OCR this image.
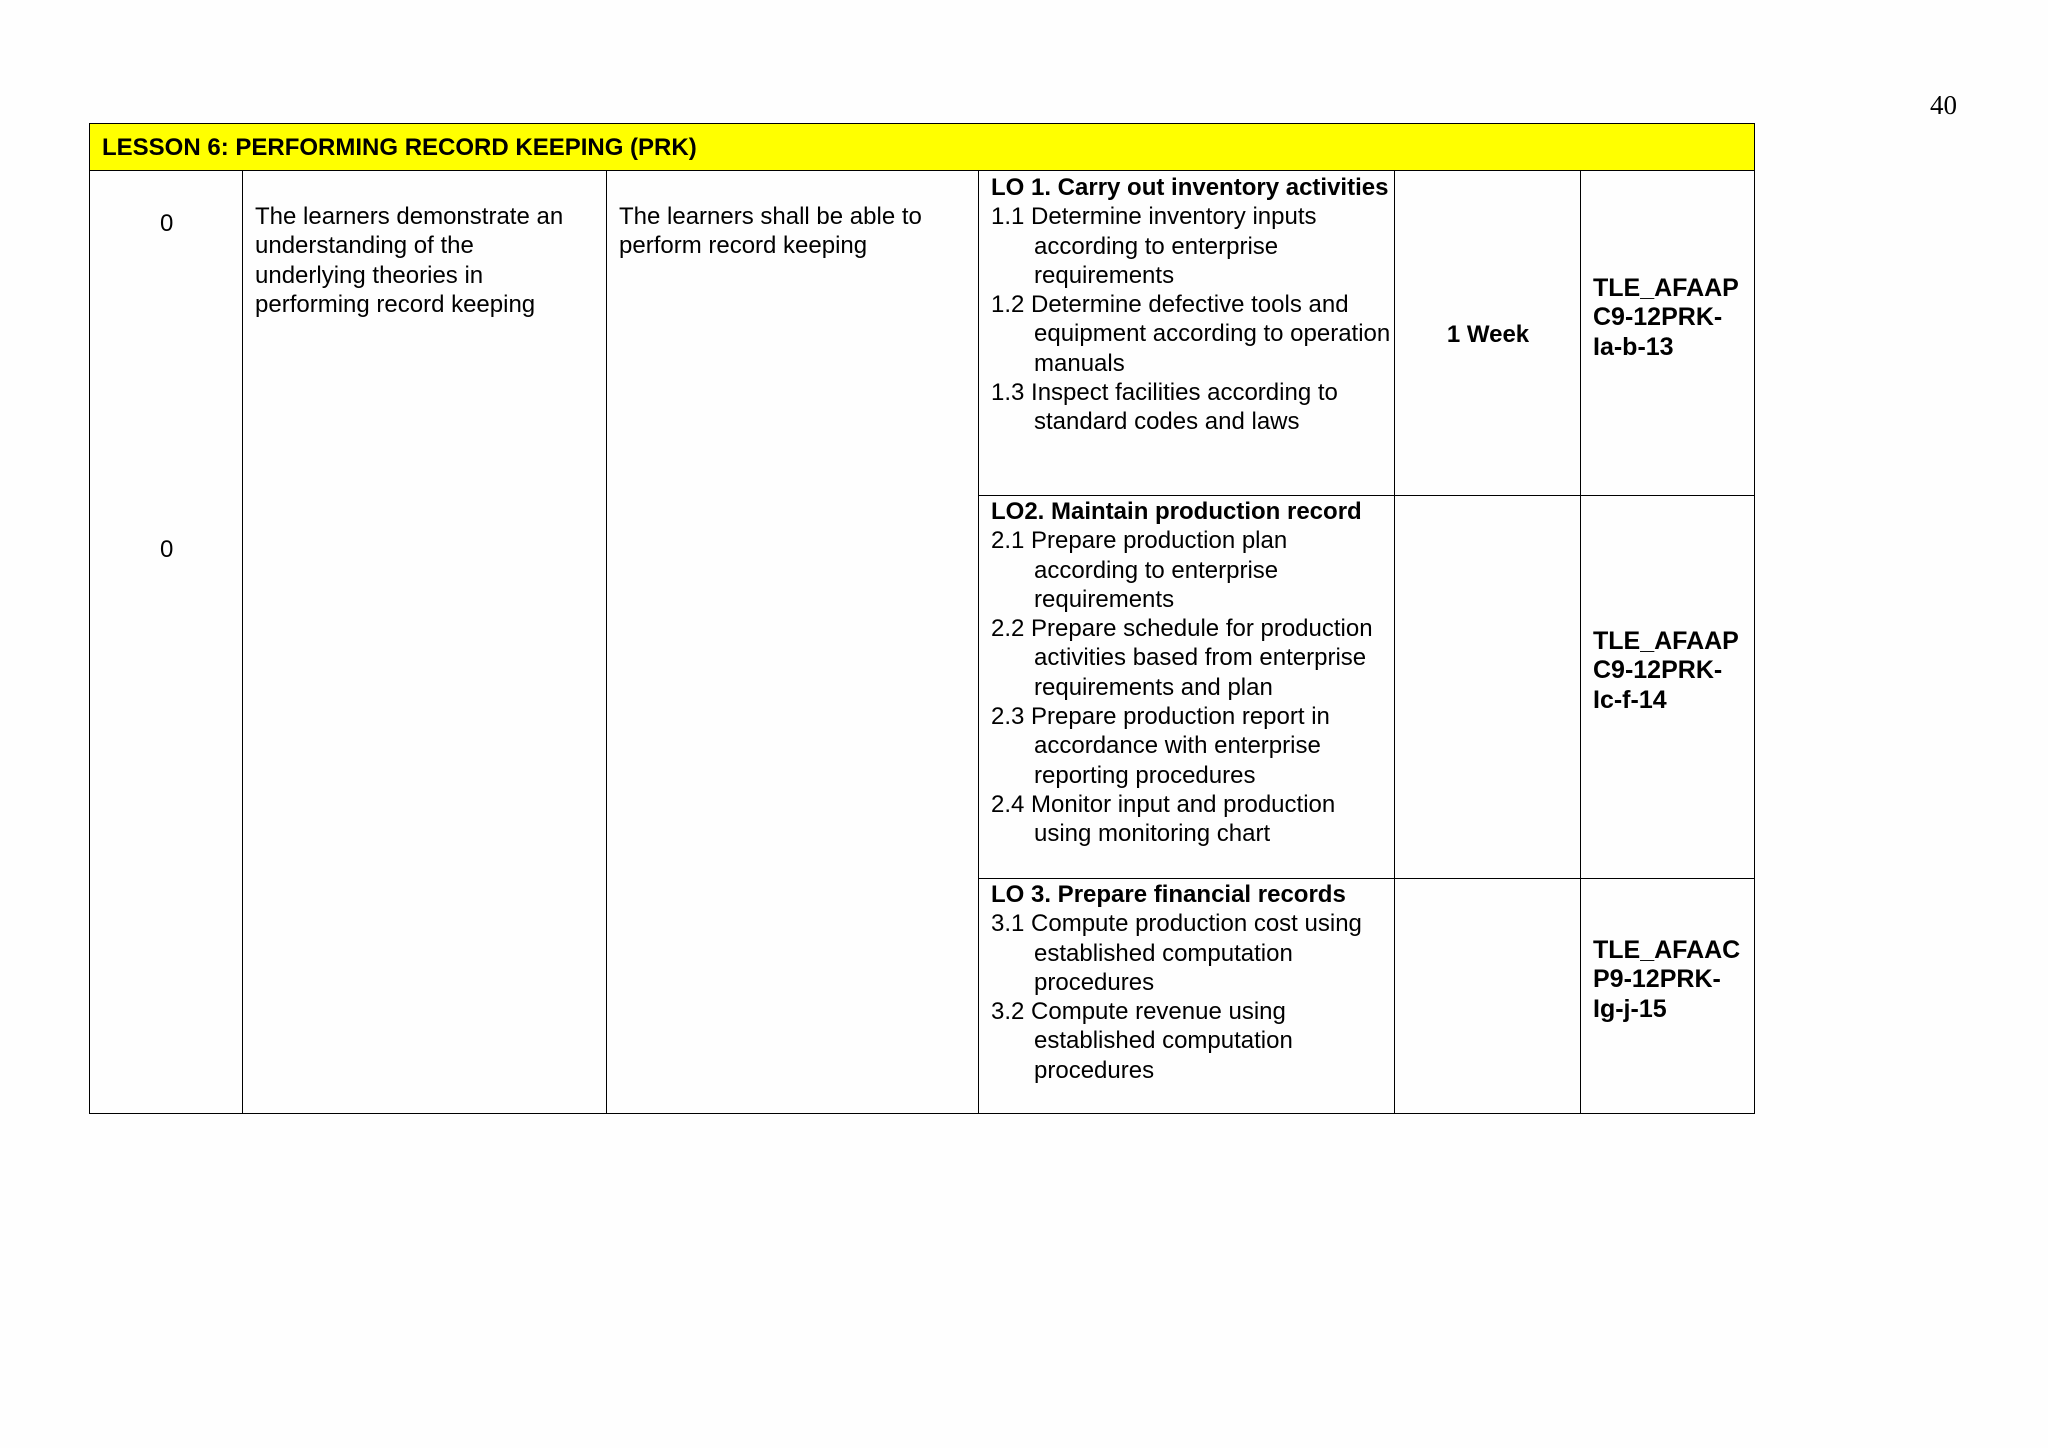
40
LESSON 6: PERFORMING RECORD KEEPING (PRK)
0
0
The learners demonstrate an understanding of the underlying theories in performing record keeping
The learners shall be able to perform record keeping
LO 1. Carry out inventory activities
1.1 Determine inventory inputs according to enterprise requirements
1.2 Determine defective tools and equipment according to operation manuals
1.3 Inspect facilities according to standard codes and laws
LO2. Maintain production record
2.1 Prepare production plan according to enterprise requirements
2.2 Prepare schedule for production activities based from enterprise requirements and plan
2.3 Prepare production report in accordance with enterprise reporting procedures
2.4 Monitor input and production using monitoring chart
LO 3. Prepare financial records
3.1 Compute production cost using established computation procedures
3.2 Compute revenue using established computation procedures
1 Week
TLE_AFAAP
C9-12PRK-
Ia-b-13
TLE_AFAAP
C9-12PRK-
Ic-f-14
TLE_AFAAC
P9-12PRK-
Ig-j-15
